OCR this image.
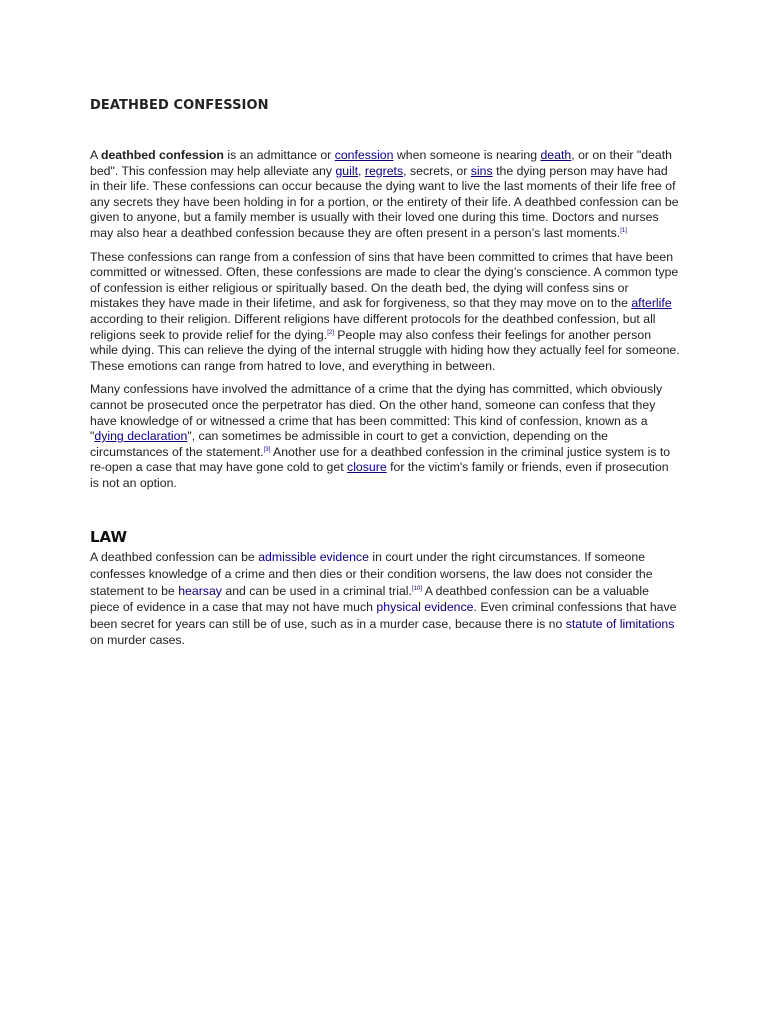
DEATHBED CONFESSION

A deathbed confession is an admittance or confession when someone is nearing death, or on their "death bed". This confession may help alleviate any guilt, regrets, secrets, or sins the dying person may have had in their life. These confessions can occur because the dying want to live the last moments of their life free of any secrets they have been holding in for a portion, or the entirety of their life. A deathbed confession can be given to anyone, but a family member is usually with their loved one during this time. Doctors and nurses may also hear a deathbed confession because they are often present in a person’s last moments.[1]

These confessions can range from a confession of sins that have been committed to crimes that have been committed or witnessed. Often, these confessions are made to clear the dying’s conscience. A common type of confession is either religious or spiritually based. On the death bed, the dying will confess sins or mistakes they have made in their lifetime, and ask for forgiveness, so that they may move on to the afterlife according to their religion. Different religions have different protocols for the deathbed confession, but all religions seek to provide relief for the dying.[2] People may also confess their feelings for another person while dying. This can relieve the dying of the internal struggle with hiding how they actually feel for someone. These emotions can range from hatred to love, and everything in between.

Many confessions have involved the admittance of a crime that the dying has committed, which obviously cannot be prosecuted once the perpetrator has died. On the other hand, someone can confess that they have knowledge of or witnessed a crime that has been committed: This kind of confession, known as a "dying declaration", can sometimes be admissible in court to get a conviction, depending on the circumstances of the statement.[3] Another use for a deathbed confession in the criminal justice system is to re-open a case that may have gone cold to get closure for the victim's family or friends, even if prosecution is not an option.

LAW

A deathbed confession can be admissible evidence in court under the right circumstances. If someone confesses knowledge of a crime and then dies or their condition worsens, the law does not consider the statement to be hearsay and can be used in a criminal trial.[10] A deathbed confession can be a valuable piece of evidence in a case that may not have much physical evidence. Even criminal confessions that have been secret for years can still be of use, such as in a murder case, because there is no statute of limitations on murder cases.
